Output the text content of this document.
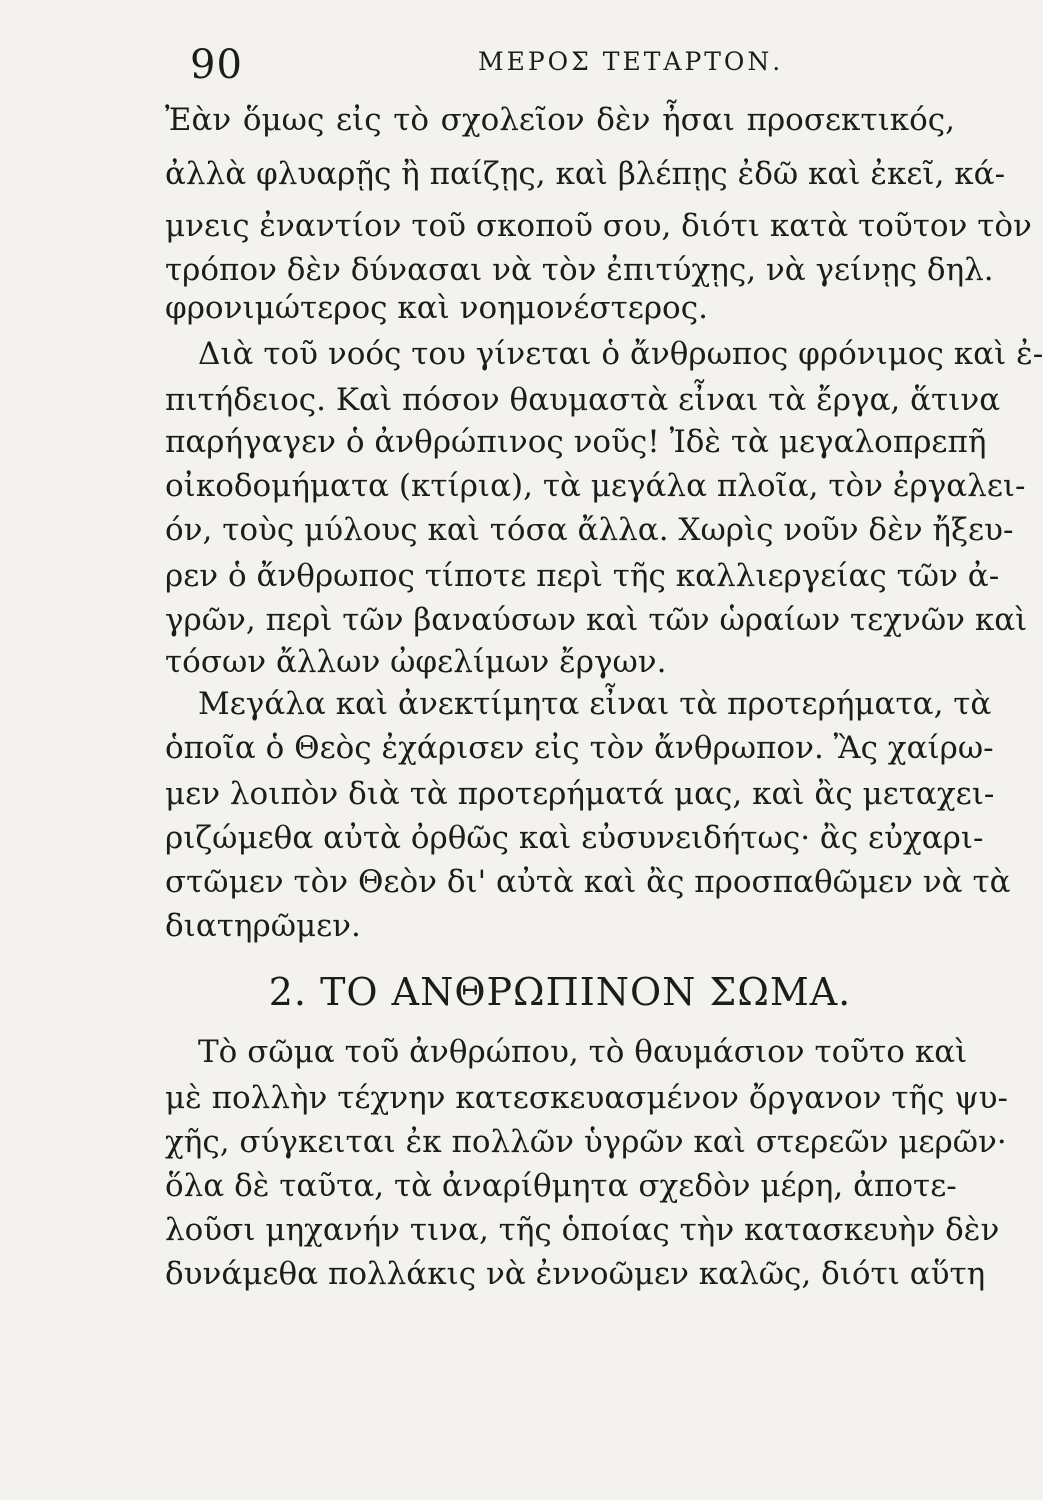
90	ΜΕΡΟΣ ΤΕΤΑΡΤΟΝ.
Ἐὰν ὅμως εἰς τὸ σχολεῖον δὲν ἦσαι προσεκτικός,
ἀλλὰ φλυαρῇς ἢ παίζῃς, καὶ βλέπῃς ἐδῶ καὶ ἐκεῖ, κά-
μνεις ἐναντίον τοῦ σκοποῦ σου, διότι κατὰ τοῦτον τὸν
τρόπον δὲν δύνασαι νὰ τὸν ἐπιτύχῃς, νὰ γείνῃς δηλ.
φρονιμώτερος καὶ νοημονέστερος.
Διὰ τοῦ νοός του γίνεται ὁ ἄνθρωπος φρόνιμος καὶ ἐ-
πιτήδειος. Καὶ πόσον θαυμαστὰ εἶναι τὰ ἔργα, ἅτινα
παρήγαγεν ὁ ἀνθρώπινος νοῦς! Ἰδὲ τὰ μεγαλοπρεπῆ
οἰκοδομήματα (κτίρια), τὰ μεγάλα πλοῖα, τὸν ἐργαλει-
όν, τοὺς μύλους καὶ τόσα ἄλλα. Χωρὶς νοῦν δὲν ἤξευ-
ρεν ὁ ἄνθρωπος τίποτε περὶ τῆς καλλιεργείας τῶν ἀ-
γρῶν, περὶ τῶν βαναύσων καὶ τῶν ὡραίων τεχνῶν καὶ
τόσων ἄλλων ὠφελίμων ἔργων.
Μεγάλα καὶ ἀνεκτίμητα εἶναι τὰ προτερήματα, τὰ
ὁποῖα ὁ Θεὸς ἐχάρισεν εἰς τὸν ἄνθρωπον. Ἂς χαίρω-
μεν λοιπὸν διὰ τὰ προτερήματά μας, καὶ ἂς μεταχει-
ριζώμεθα αὐτὰ ὀρθῶς καὶ εὐσυνειδήτως· ἂς εὐχαρι-
στῶμεν τὸν Θεὸν δι' αὐτὰ καὶ ἂς προσπαθῶμεν νὰ τὰ
διατηρῶμεν.
2. ΤΟ ΑΝΘΡΩΠΙΝΟΝ ΣΩΜΑ.
Τὸ σῶμα τοῦ ἀνθρώπου, τὸ θαυμάσιον τοῦτο καὶ
μὲ πολλὴν τέχνην κατεσκευασμένον ὄργανον τῆς ψυ-
χῆς, σύγκειται ἐκ πολλῶν ὑγρῶν καὶ στερεῶν μερῶν·
ὅλα δὲ ταῦτα, τὰ ἀναρίθμητα σχεδὸν μέρη, ἀποτε-
λοῦσι μηχανήν τινα, τῆς ὁποίας τὴν κατασκευὴν δὲν
δυνάμεθα πολλάκις νὰ ἐννοῶμεν καλῶς, διότι αὕτη
